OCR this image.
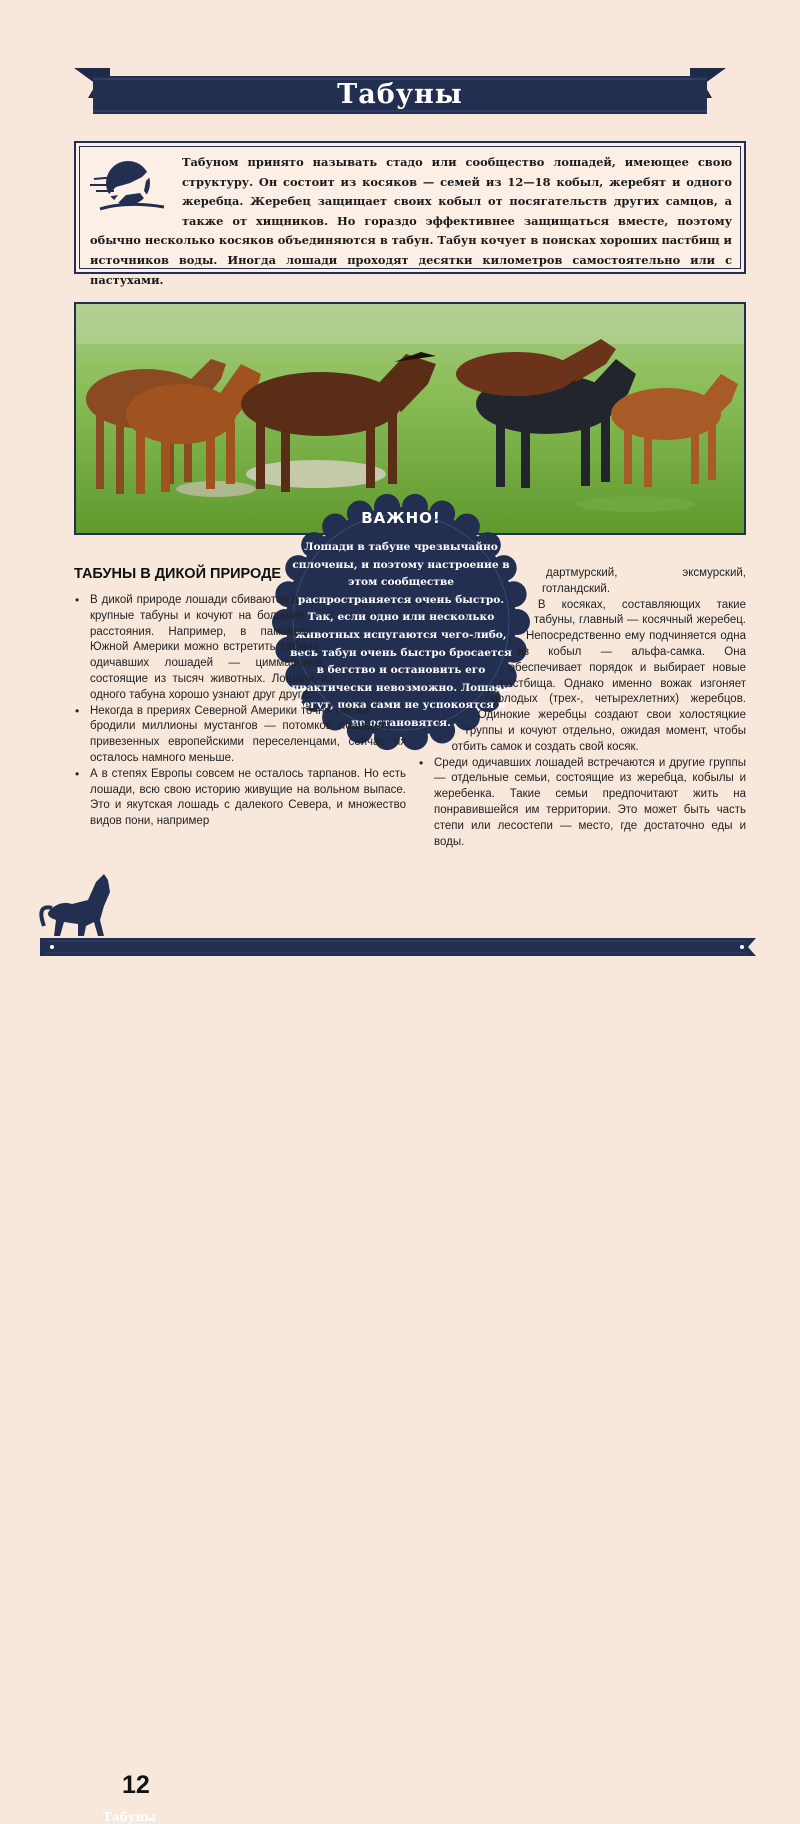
Табуны
Табуном принято называть стадо или сообщество лошадей, имеющее свою структуру. Он состоит из косяков — семей из 12—18 кобыл, жеребят и одного жеребца. Жеребец защищает своих кобыл от посягательств других самцов, а также от хищников. Но гораздо эффективнее защищаться вместе, поэтому обычно несколько косяков объединяются в табун. Табун кочует в поисках хороших пастбищ и источников воды. Иногда лошади проходят десятки километров самостоятельно или с пастухами.
ВАЖНО!
Лошади в табуне чрезвычайно сплочены, и поэтому настроение в этом сообществе распространяется очень быстро. Так, если одно или несколько животных испугаются чего-либо, весь табун очень быстро бросается в бегство и остановить его практически невозможно. Лошади бегут, пока сами не успокоятся и не остановятся.
ТАБУНЫ В ДИКОЙ ПРИРОДЕ
• В дикой природе лошади сбиваются в крупные табуны и кочуют на большие расстояния. Например, в пампасах Южной Америки можно встретить табуны одичавших лошадей — циммаронов, состоящие из тысяч животных. Лошади из одного табуна хорошо узнают друг друга.
• Некогда в прериях Северной Америки точно так же бродили миллионы мустангов — потомков лошадей, привезенных европейскими переселенцами, сейчас их осталось намного меньше.
• А в степях Европы совсем не осталось тарпанов. Но есть лошади, всю свою историю живущие на вольном выпасе. Это и якутская лошадь с далекого Севера, и множество видов пони, например
дартмурский, эксмурский, готландский.
• В косяках, составляющих такие табуны, главный — косячный жеребец. Непосредственно ему подчиняется одна из кобыл — альфа-самка. Она обеспечивает порядок и выбирает новые пастбища. Однако именно вожак изгоняет молодых (трех-, четырехлетних) жеребцов. Одинокие жеребцы создают свои холостяцкие группы и кочуют отдельно, ожидая момент, чтобы отбить самок и создать свой косяк.
• Среди одичавших лошадей встречаются и другие группы — отдельные семьи, состоящие из жеребца, кобылы и жеребенка. Такие семьи предпочитают жить на понравившейся им территории. Это может быть часть степи или лесостепи — место, где достаточно еды и воды.
12
Табуны
